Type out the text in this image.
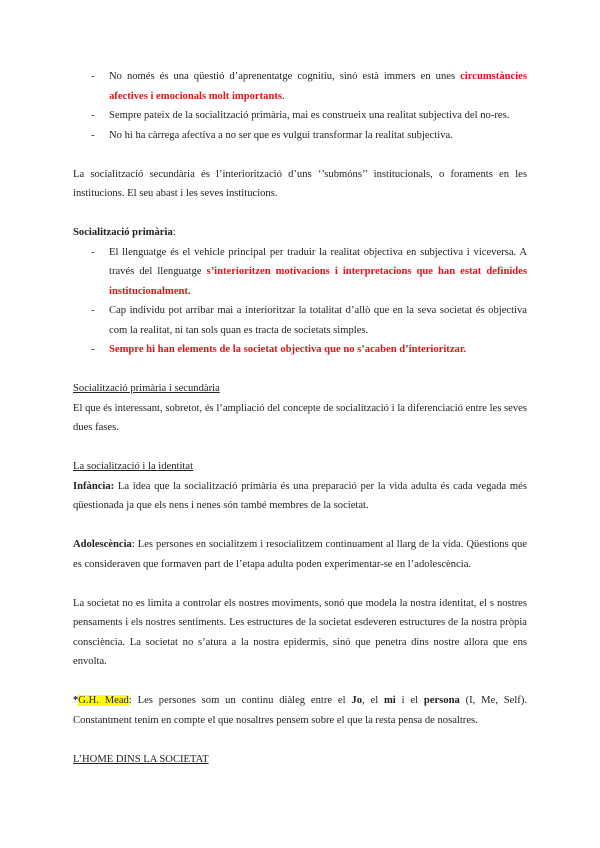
- No només és una qüestió d’aprenentatge cognitiu, sinó està immers en unes circumstàncies afectives i emocionals molt importants.
- Sempre pateix de la socialització primària, mai es construeix una realitat subjectiva del no-res.
- No hi ha càrrega afectiva a no ser que es vulgui transformar la realitat subjectiva.

La socialització secundària és l’interiorització d’uns ‘’submóns’’ institucionals, o foraments en les institucions. El seu abast i les seves institucions.

Socialització primària:

- El llenguatge és el vehicle principal per traduir la realitat objectiva en subjectiva i viceversa. A través del llenguatge s’interioritzen motivacions i interpretacions que han estat definides institucionalment.
- Cap individu pot arribar mai a interioritzar la totalitat d’allò que en la seva societat és objectiva com la realitat, ni tan sols quan es tracta de societats simples.
- Sempre hi han elements de la societat objectiva que no s’acaben d’interioritzar.

Socialització primària i secundària

El que és interessant, sobretot, és l’ampliació del concepte de socialització i la diferenciació entre les seves dues fases.

La socialització i la identitat

Infància: La idea que la socialització primària és una preparació per la vida adulta és cada vegada més qüestionada ja que els nens i nenes són també membres de la societat.

Adolescència: Les persones en socialitzem i resocialitzem continuament al llarg de la vida. Qüestions que es consideraven que formaven part de l’etapa adulta poden experimentar-se en l’adolescència.

La societat no es limita a controlar els nostres moviments, sonó que modela la nostra identitat, el s nostres pensaments i els nostres sentiments. Les estructures de la societat esdeveren estructures de la nostra pròpia consciència. La societat no s’atura a la nostra epidermis, sinó que penetra dins nostre allora que ens envolta.

*G.H. Mead: Les persones som un continu diàleg entre el Jo, el mi i el persona (I, Me, Self). Constantment tenim en compte el que nosaltres pensem sobre el que la resta pensa de nosaltres.

L’HOME DINS LA SOCIETAT
